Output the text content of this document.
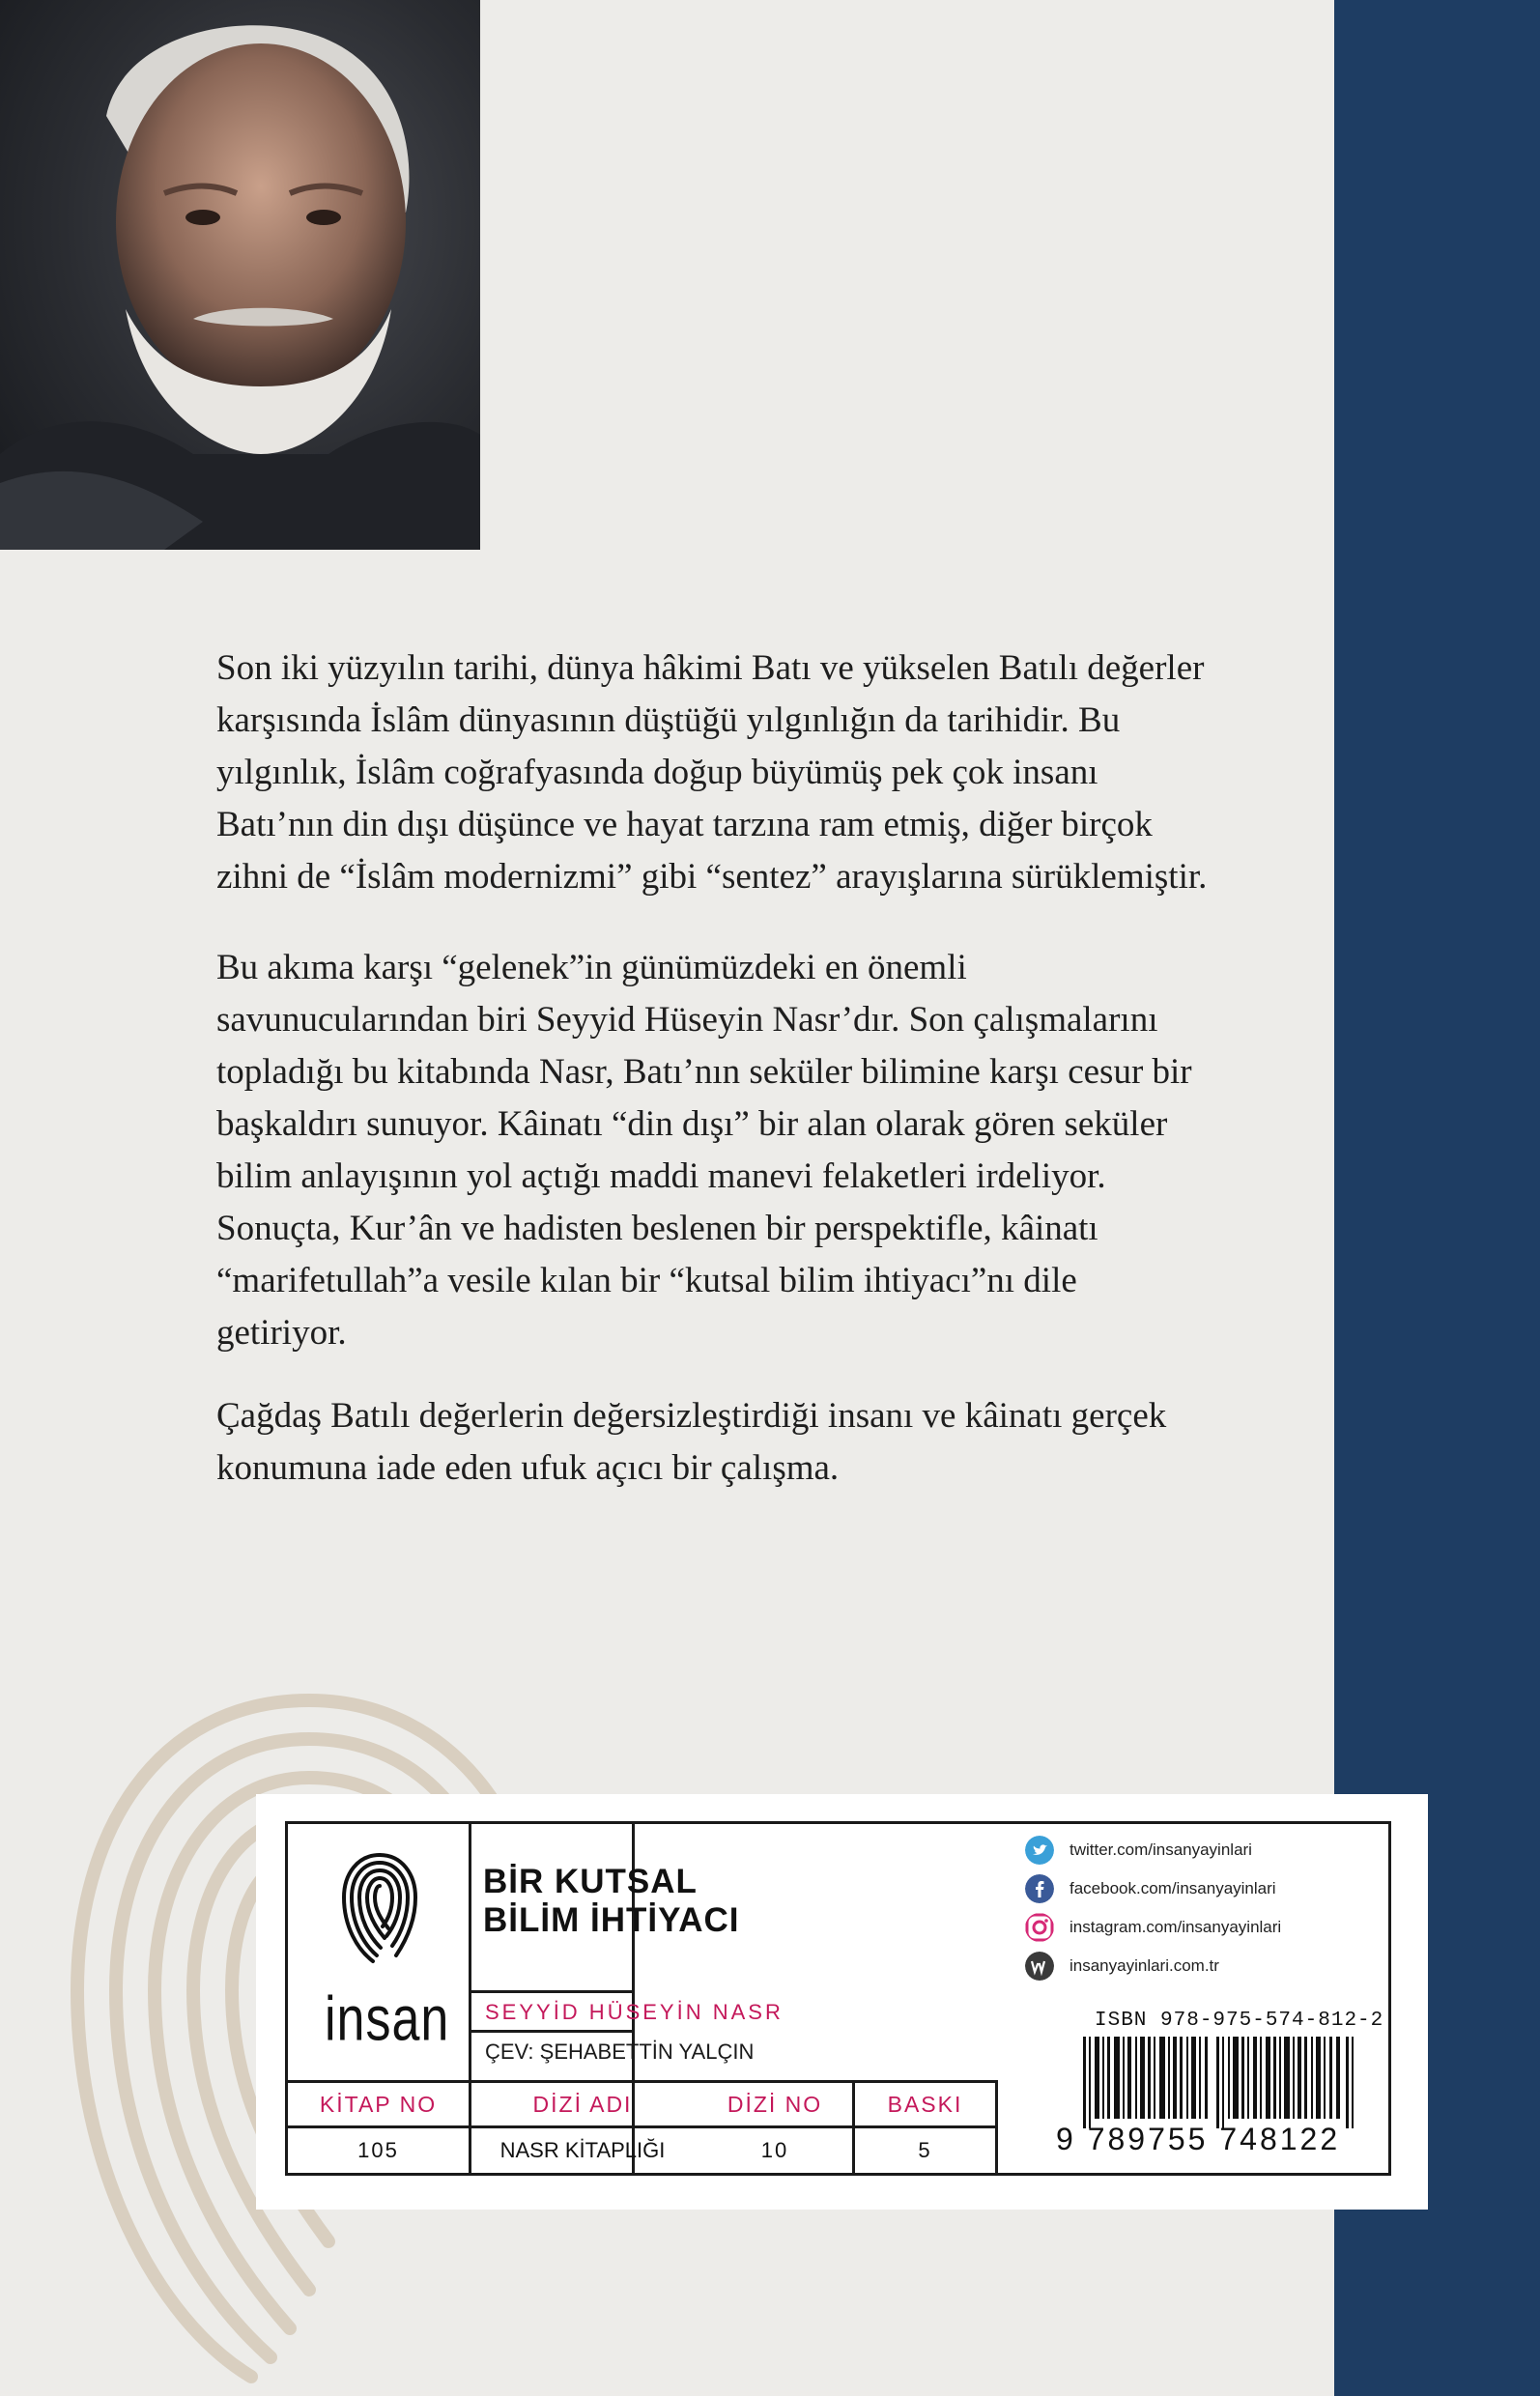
Son iki yüzyılın tarihi, dünya hâkimi Batı ve yükselen Batılı değerler karşısında İslâm dünyasının düştüğü yılgınlığın da tarihidir. Bu yılgınlık, İslâm coğrafyasında doğup büyümüş pek çok insanı Batı’nın din dışı düşünce ve hayat tarzına ram etmiş, diğer birçok zihni de “İslâm modernizmi” gibi “sentez” arayışlarına sürüklemiştir.

Bu akıma karşı “gelenek”in günümüzdeki en önemli savunucularından biri Seyyid Hüseyin Nasr’dır. Son çalışmalarını topladığı bu kitabında Nasr, Batı’nın seküler bilimine karşı cesur bir başkaldırı sunuyor. Kâinatı “din dışı” bir alan olarak gören seküler bilim anlayışının yol açtığı maddi manevi felaketleri irdeliyor. Sonuçta, Kur’ân ve hadisten beslenen bir perspektifle, kâinatı “marifetullah”a vesile kılan bir “kutsal bilim ihtiyacı”nı dile getiriyor.

Çağdaş Batılı değerlerin değersizleştirdiği insanı ve kâinatı gerçek konumuna iade eden ufuk açıcı bir çalışma.

insan
BİR KUTSAL BİLİM İHTİYACI
SEYYİD HÜSEYİN NASR
ÇEV: ŞEHABETTİN YALÇIN
KİTAP NO	DİZİ ADI	DİZİ NO	BASKI
105	NASR KİTAPLIĞI	10	5
twitter.com/insanyayinlari
facebook.com/insanyayinlari
instagram.com/insanyayinlari
insanyayinlari.com.tr
ISBN 978-975-574-812-2
9 789755 748122
